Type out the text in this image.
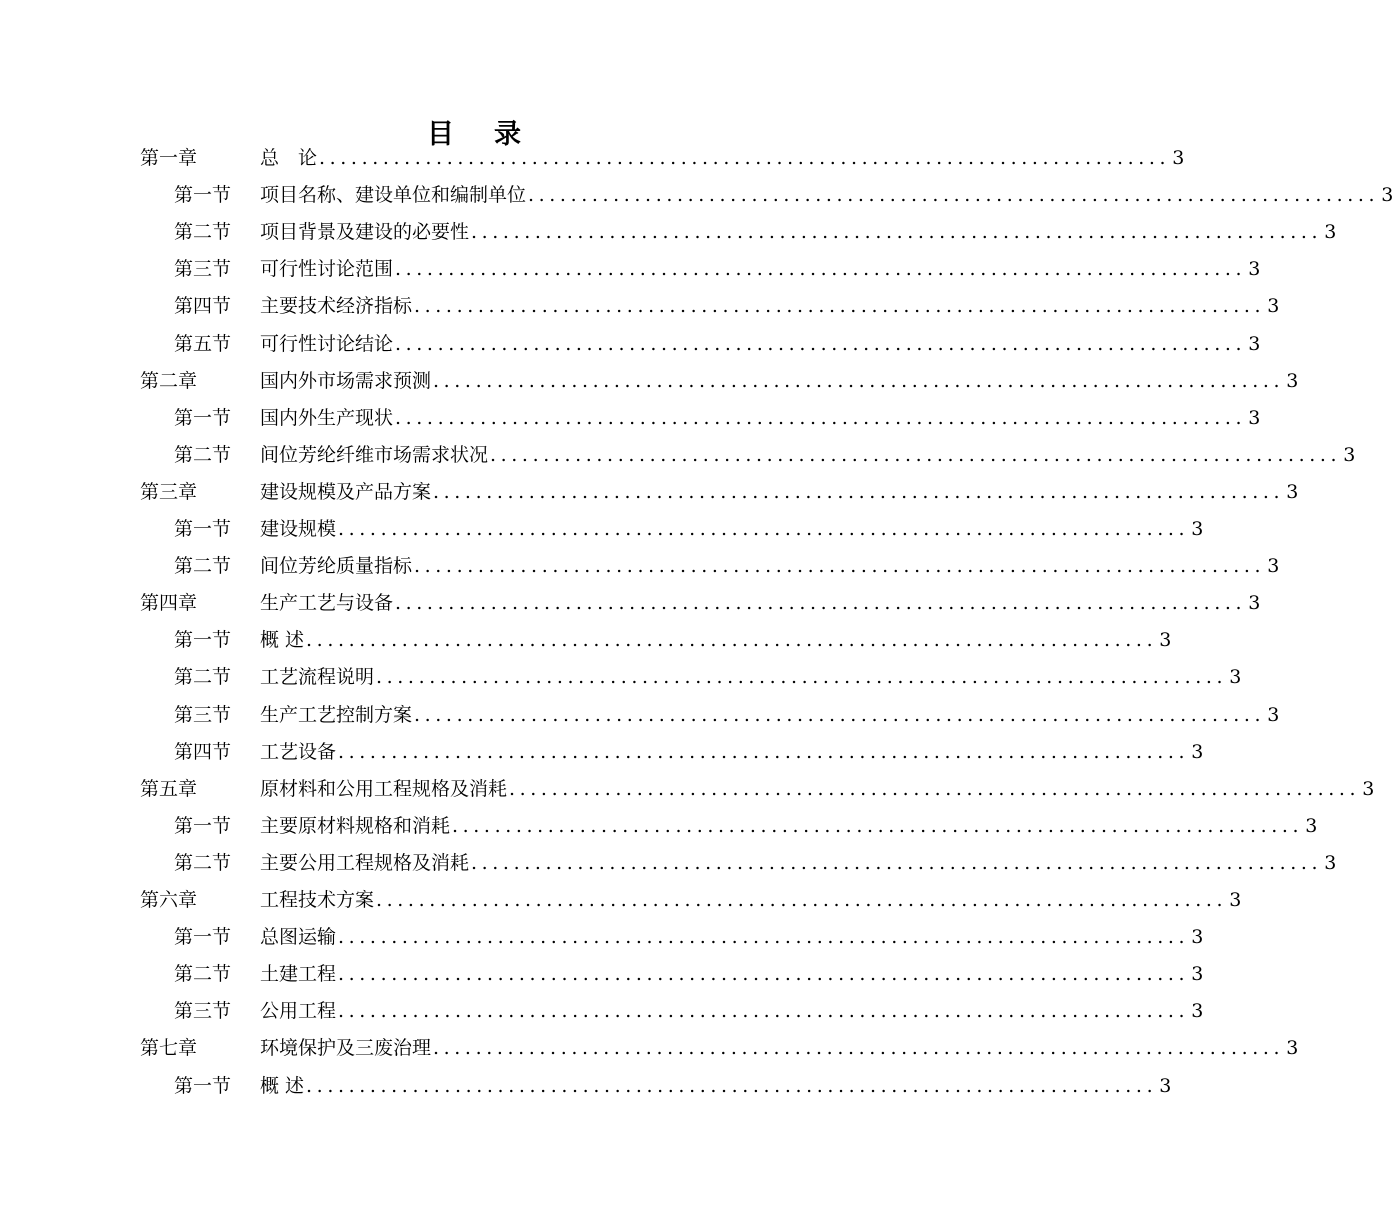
目 录
第一章	总　论 ................................................................................ 3
第一节	项目名称、建设单位和编制单位 ................................................................................ 3
第二节	项目背景及建设的必要性 ................................................................................ 3
第三节	可行性讨论范围 ................................................................................ 3
第四节	主要技术经济指标 ................................................................................ 3
第五节	可行性讨论结论 ................................................................................ 3
第二章	国内外市场需求预测 ................................................................................ 3
第一节	国内外生产现状 ................................................................................ 3
第二节	间位芳纶纤维市场需求状况 ................................................................................ 3
第三章	建设规模及产品方案 ................................................................................ 3
第一节	建设规模 ................................................................................ 3
第二节	间位芳纶质量指标 ................................................................................ 3
第四章	生产工艺与设备 ................................................................................ 3
第一节	概 述 ................................................................................ 3
第二节	工艺流程说明 ................................................................................ 3
第三节	生产工艺控制方案 ................................................................................ 3
第四节	工艺设备 ................................................................................ 3
第五章	原材料和公用工程规格及消耗 ................................................................................ 3
第一节	主要原材料规格和消耗 ................................................................................ 3
第二节	主要公用工程规格及消耗 ................................................................................ 3
第六章	工程技术方案 ................................................................................ 3
第一节	总图运输 ................................................................................ 3
第二节	土建工程 ................................................................................ 3
第三节	公用工程 ................................................................................ 3
第七章	环境保护及三废治理 ................................................................................ 3
第一节	概 述 ................................................................................ 3
